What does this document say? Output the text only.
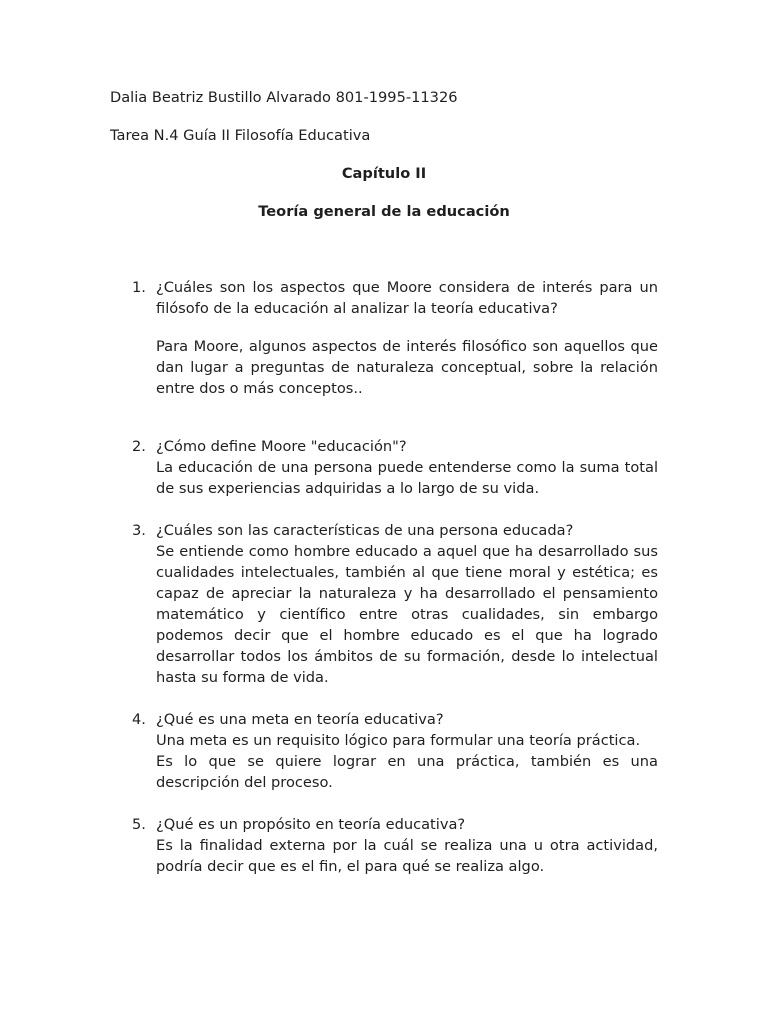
Dalia Beatriz Bustillo Alvarado 801-1995-11326
Tarea N.4 Guía II Filosofía Educativa
Capítulo II
Teoría general de la educación
1. ¿Cuáles son los aspectos que Moore considera de interés para un filósofo de la educación al analizar la teoría educativa?

Para Moore, algunos aspectos de interés filosófico son aquellos que dan lugar a preguntas de naturaleza conceptual, sobre la relación entre dos o más conceptos..

2. ¿Cómo define Moore "educación"?

La educación de una persona puede entenderse como la suma total de sus experiencias adquiridas a lo largo de su vida.

3. ¿Cuáles son las características de una persona educada?

Se entiende como hombre educado a aquel que ha desarrollado sus cualidades intelectuales, también al que tiene moral y estética; es capaz de apreciar la naturaleza y ha desarrollado el pensamiento matemático y científico entre otras cualidades, sin embargo podemos decir que el hombre educado es el que ha logrado desarrollar todos los ámbitos de su formación, desde lo intelectual hasta su forma de vida.

4. ¿Qué es una meta en teoría educativa?

Una meta es un requisito lógico para formular una teoría práctica.

Es lo que se quiere lograr en una práctica, también es una descripción del proceso.

5. ¿Qué es un propósito en teoría educativa?

Es la finalidad externa por la cuál se realiza una u otra actividad, podría decir que es el fin, el para qué se realiza algo.
